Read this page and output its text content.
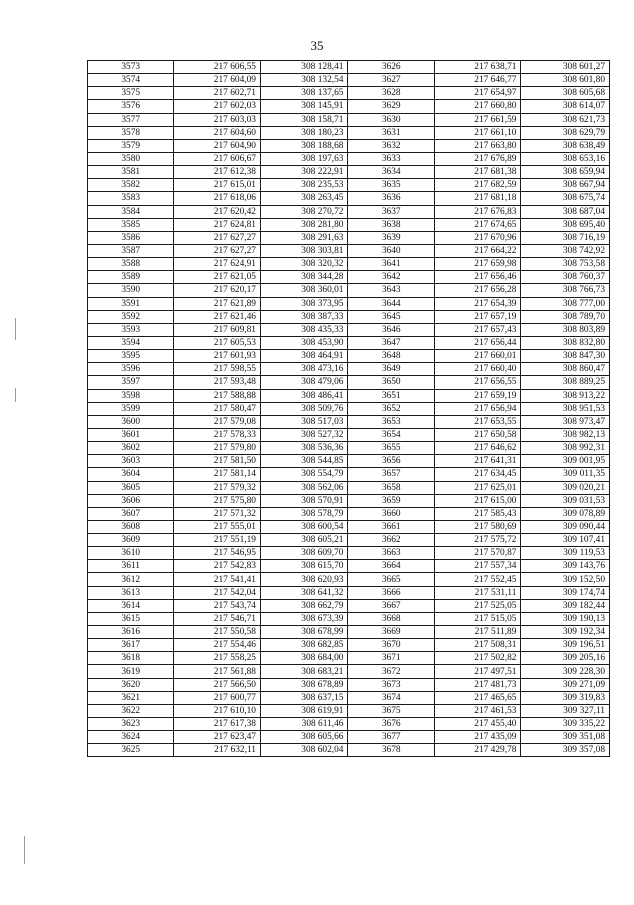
35
3573	217 606,55	308 128,41	3626	217 638,71	308 601,27
3574	217 604,09	308 132,54	3627	217 646,77	308 601,80
3575	217 602,71	308 137,65	3628	217 654,97	308 605,68
3576	217 602,03	308 145,91	3629	217 660,80	308 614,07
3577	217 603,03	308 158,71	3630	217 661,59	308 621,73
3578	217 604,60	308 180,23	3631	217 661,10	308 629,79
3579	217 604,90	308 188,68	3632	217 663,80	308 638,49
3580	217 606,67	308 197,63	3633	217 676,89	308 653,16
3581	217 612,38	308 222,91	3634	217 681,38	308 659,94
3582	217 615,01	308 235,53	3635	217 682,59	308 667,94
3583	217 618,06	308 263,45	3636	217 681,18	308 675,74
3584	217 620,42	308 270,72	3637	217 676,83	308 687,04
3585	217 624,81	308 281,80	3638	217 674,65	308 695,40
3586	217 627,27	308 291,63	3639	217 670,96	308 716,19
3587	217 627,27	308 303,81	3640	217 664,22	308 742,92
3588	217 624,91	308 320,32	3641	217 659,98	308 753,58
3589	217 621,05	308 344,28	3642	217 656,46	308 760,37
3590	217 620,17	308 360,01	3643	217 656,28	308 766,73
3591	217 621,89	308 373,95	3644	217 654,39	308 777,00
3592	217 621,46	308 387,33	3645	217 657,19	308 789,70
3593	217 609,81	308 435,33	3646	217 657,43	308 803,89
3594	217 605,53	308 453,90	3647	217 656,44	308 832,80
3595	217 601,93	308 464,91	3648	217 660,01	308 847,30
3596	217 598,55	308 473,16	3649	217 660,40	308 860,47
3597	217 593,48	308 479,06	3650	217 656,55	308 889,25
3598	217 588,88	308 486,41	3651	217 659,19	308 913,22
3599	217 580,47	308 509,76	3652	217 656,94	308 951,53
3600	217 579,08	308 517,03	3653	217 653,55	308 973,47
3601	217 578,33	308 527,32	3654	217 650,58	308 982,13
3602	217 579,80	308 536,36	3655	217 646,62	308 992,31
3603	217 581,50	308 544,85	3656	217 641,31	309 001,95
3604	217 581,14	308 554,79	3657	217 634,45	309 011,35
3605	217 579,32	308 562,06	3658	217 625,01	309 020,21
3606	217 575,80	308 570,91	3659	217 615,00	309 031,53
3607	217 571,32	308 578,79	3660	217 585,43	309 078,89
3608	217 555,01	308 600,54	3661	217 580,69	309 090,44
3609	217 551,19	308 605,21	3662	217 575,72	309 107,41
3610	217 546,95	308 609,70	3663	217 570,87	309 119,53
3611	217 542,83	308 615,70	3664	217 557,34	309 143,76
3612	217 541,41	308 620,93	3665	217 552,45	309 152,50
3613	217 542,04	308 641,32	3666	217 531,11	309 174,74
3614	217 543,74	308 662,79	3667	217 525,05	309 182,44
3615	217 546,71	308 673,39	3668	217 515,05	309 190,13
3616	217 550,58	308 678,99	3669	217 511,89	309 192,34
3617	217 554,46	308 682,85	3670	217 508,31	309 196,51
3618	217 558,25	308 684,00	3671	217 502,82	309 205,16
3619	217 561,88	308 683,21	3672	217 497,51	309 228,30
3620	217 566,50	308 678,89	3673	217 481,73	309 271,09
3621	217 600,77	308 637,15	3674	217 465,65	309 319,83
3622	217 610,10	308 619,91	3675	217 461,53	309 327,11
3623	217 617,38	308 611,46	3676	217 455,40	309 335,22
3624	217 623,47	308 605,66	3677	217 435,09	309 351,08
3625	217 632,11	308 602,04	3678	217 429,78	309 357,08
